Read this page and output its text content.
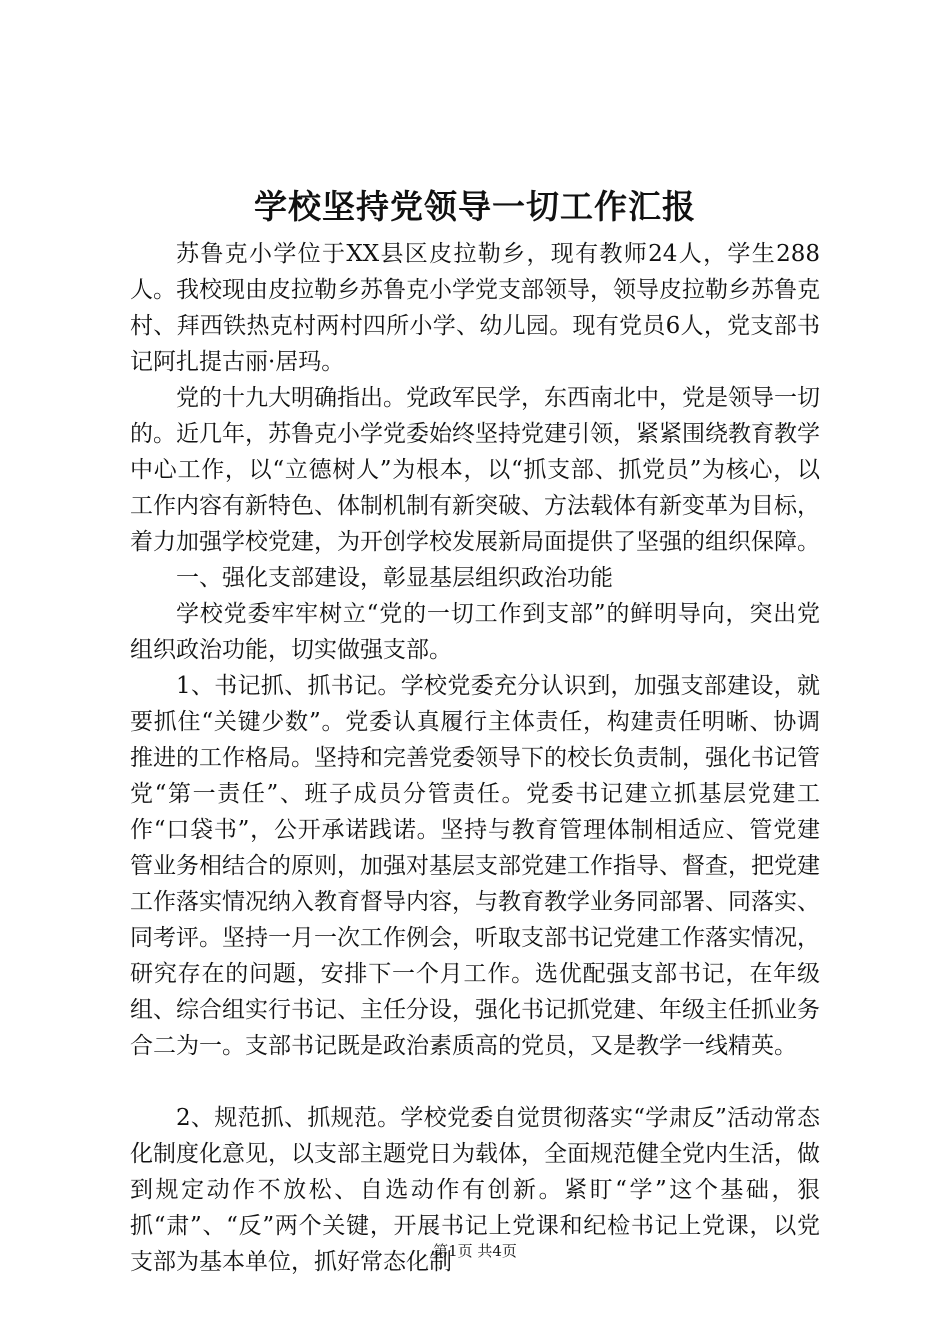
学校坚持党领导一切工作汇报

苏鲁克小学位于XX县区皮拉勒乡，现有教师24人，学生288人。我校现由皮拉勒乡苏鲁克小学党支部领导，领导皮拉勒乡苏鲁克村、拜西铁热克村两村四所小学、幼儿园。现有党员6人，党支部书记阿扎提古丽·居玛。

党的十九大明确指出。党政军民学，东西南北中，党是领导一切的。近几年，苏鲁克小学党委始终坚持党建引领，紧紧围绕教育教学中心工作，以“立德树人”为根本，以“抓支部、抓党员”为核心，以工作内容有新特色、体制机制有新突破、方法载体有新变革为目标，着力加强学校党建，为开创学校发展新局面提供了坚强的组织保障。

一、强化支部建设，彰显基层组织政治功能

学校党委牢牢树立“党的一切工作到支部”的鲜明导向，突出党组织政治功能，切实做强支部。

1、书记抓、抓书记。学校党委充分认识到，加强支部建设，就要抓住“关键少数”。党委认真履行主体责任，构建责任明晰、协调推进的工作格局。坚持和完善党委领导下的校长负责制，强化书记管党“第一责任”、班子成员分管责任。党委书记建立抓基层党建工作“口袋书”，公开承诺践诺。坚持与教育管理体制相适应、管党建管业务相结合的原则，加强对基层支部党建工作指导、督查，把党建工作落实情况纳入教育督导内容，与教育教学业务同部署、同落实、同考评。坚持一月一次工作例会，听取支部书记党建工作落实情况，研究存在的问题，安排下一个月工作。选优配强支部书记，在年级组、综合组实行书记、主任分设，强化书记抓党建、年级主任抓业务合二为一。支部书记既是政治素质高的党员，又是教学一线精英。

2、规范抓、抓规范。学校党委自觉贯彻落实“学肃反”活动常态化制度化意见，以支部主题党日为载体，全面规范健全党内生活，做到规定动作不放松、自选动作有创新。紧盯“学”这个基础，狠抓“肃”、“反”两个关键，开展书记上党课和纪检书记上党课，以党支部为基本单位，抓好常态化制

第1页 共4页
